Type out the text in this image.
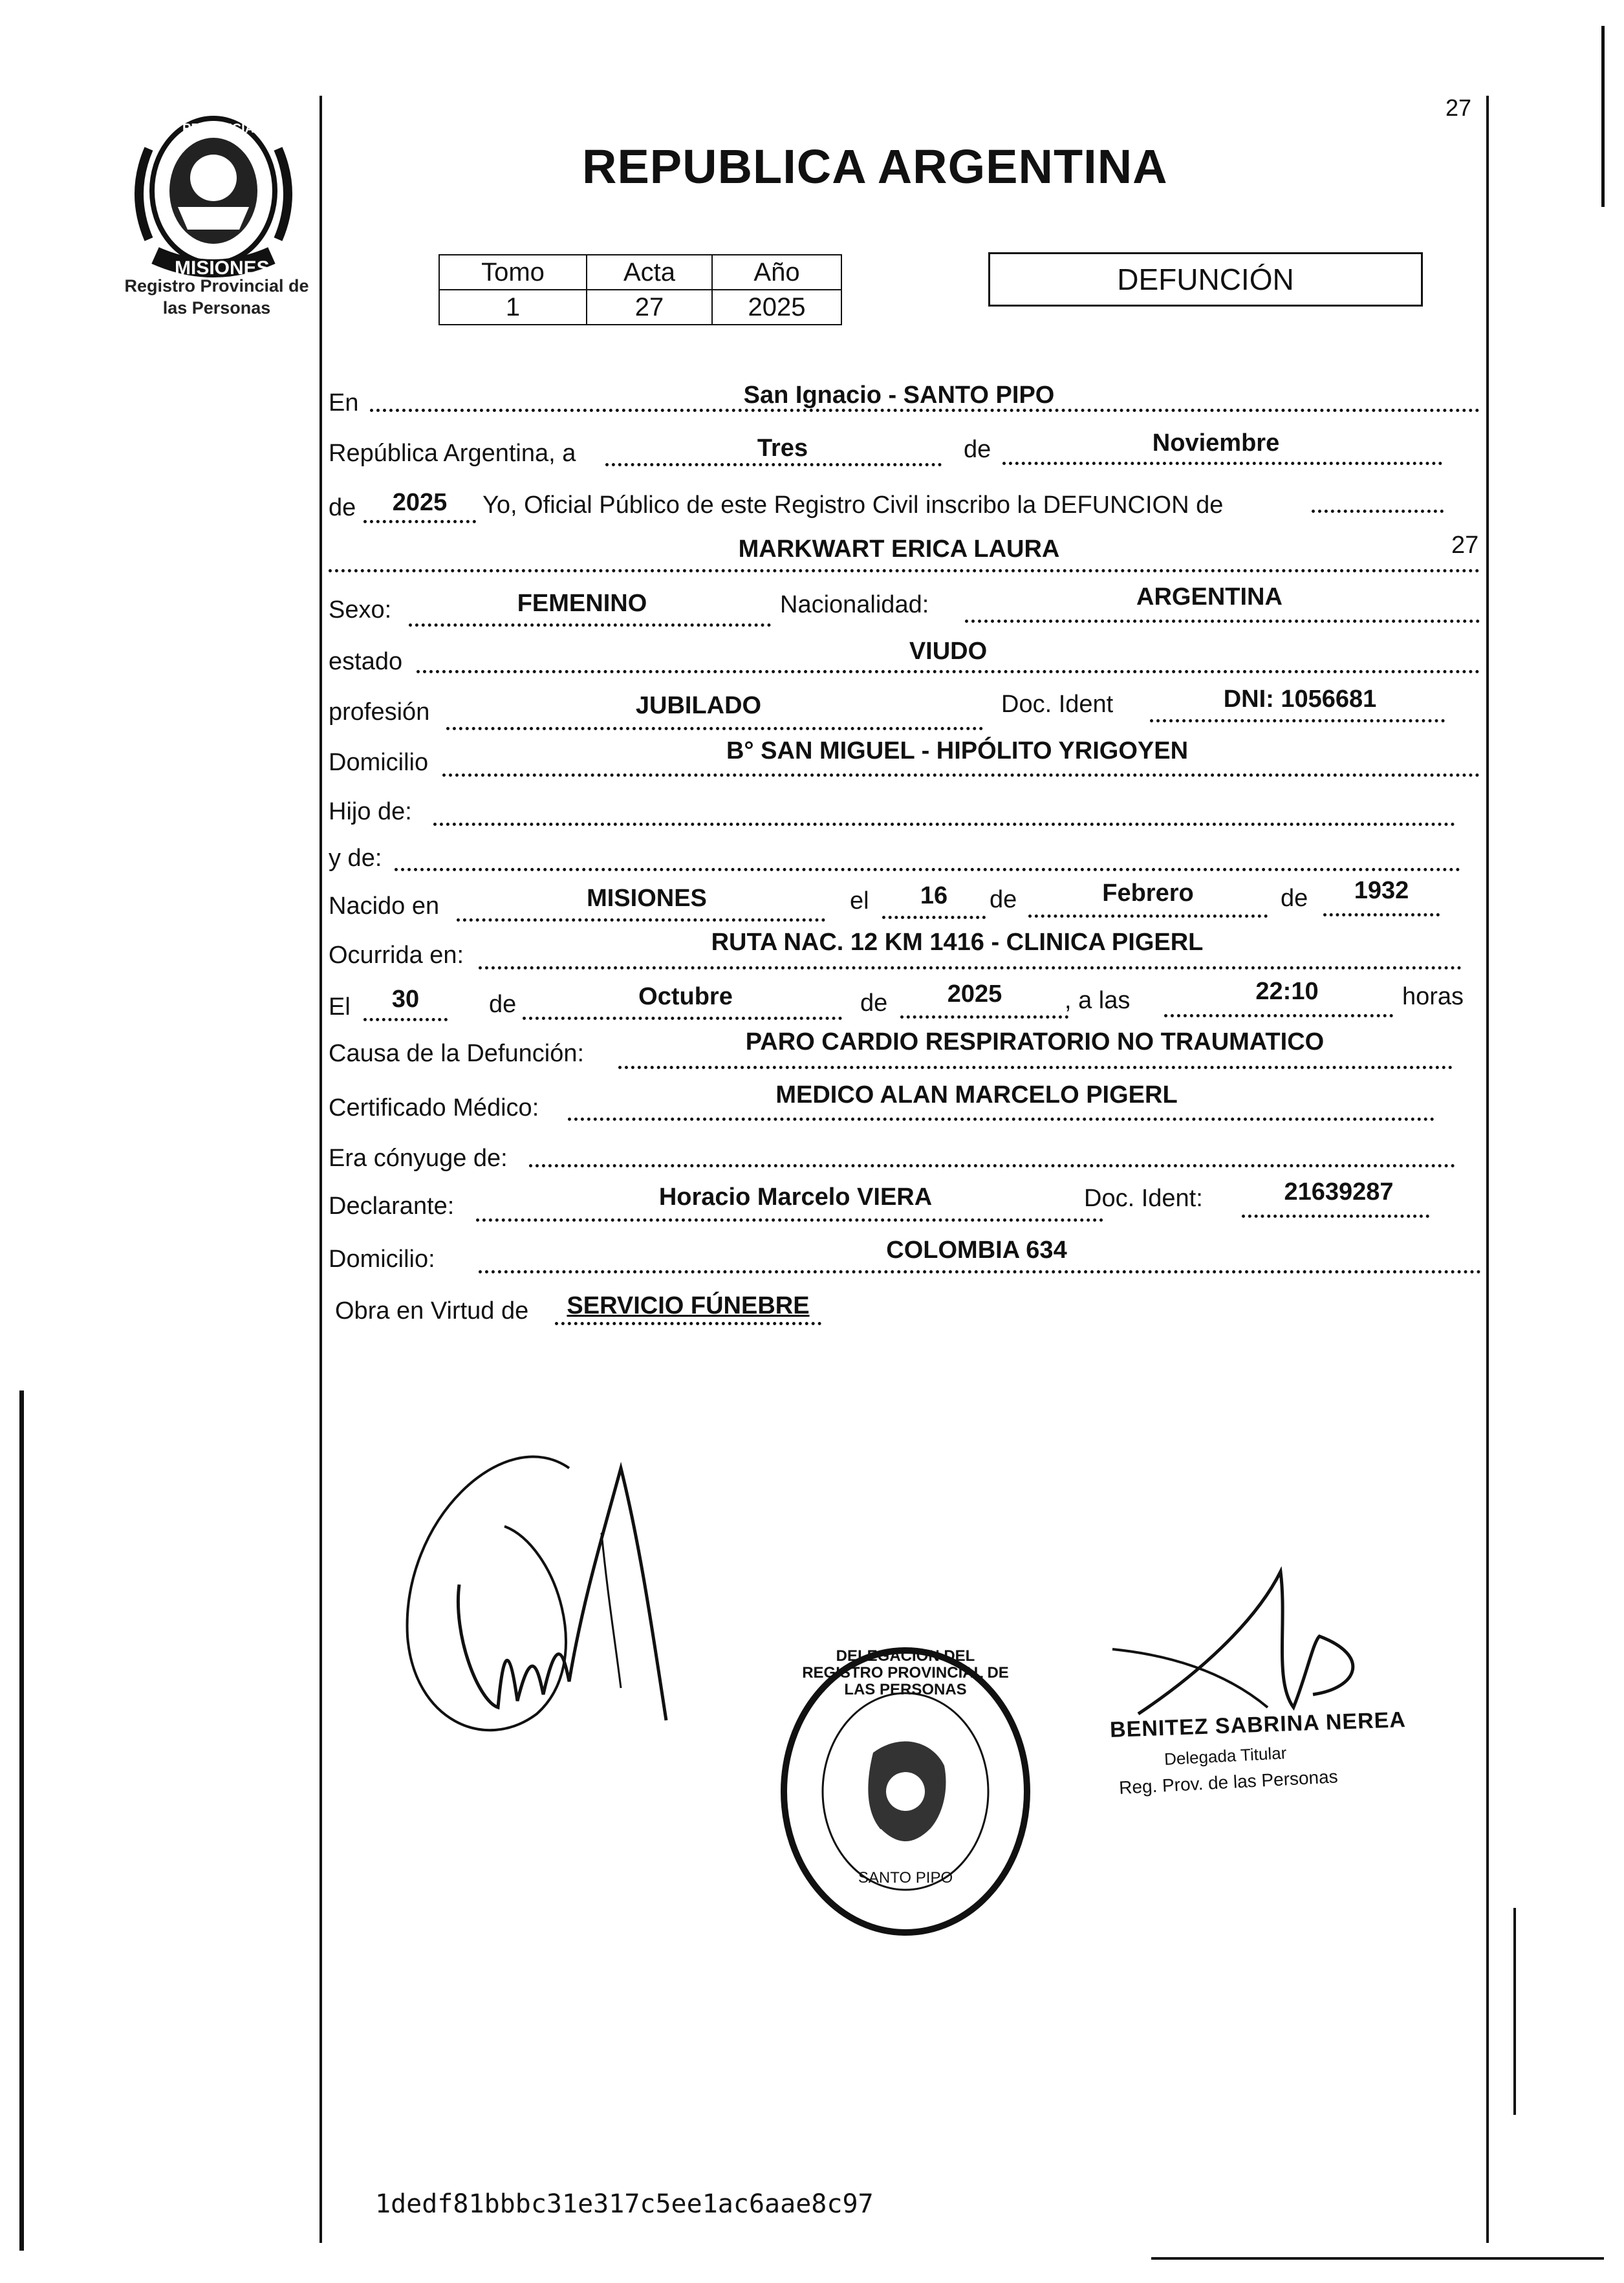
PROVINCIA DE
MISIONES
Registro Provincial de
las Personas
REPUBLICA ARGENTINA
27
Tomo	Acta	Año
1	27	2025
DEFUNCIÓN
En	San Ignacio - SANTO PIPO
República Argentina, a	Tres	de	Noviembre
de	2025	Yo, Oficial Público de este Registro Civil inscribo la DEFUNCION de
MARKWART ERICA LAURA	27
Sexo:	FEMENINO	Nacionalidad:	ARGENTINA
estado	VIUDO
profesión	JUBILADO	Doc. Ident	DNI: 1056681
Domicilio	B° SAN MIGUEL - HIPÓLITO YRIGOYEN
Hijo de:
y de:
Nacido en	MISIONES	el	16	de	Febrero	de	1932
Ocurrida en:	RUTA NAC. 12 KM 1416 - CLINICA PIGERL
El	30	de	Octubre	de	2025	, a las	22:10	horas
Causa de la Defunción:	PARO CARDIO RESPIRATORIO NO TRAUMATICO
Certificado Médico:	MEDICO ALAN MARCELO PIGERL
Era cónyuge de:
Declarante:	Horacio Marcelo VIERA	Doc. Ident:	21639287
Domicilio:	COLOMBIA 634
Obra en Virtud de	SERVICIO FÚNEBRE
DELEGACION DEL REGISTRO PROVINCIAL DE LAS PERSONAS
SANTO PIPO
BENITEZ SABRINA NEREA
Delegada Titular
Reg. Prov. de las Personas
1dedf81bbbc31e317c5ee1ac6aae8c97
